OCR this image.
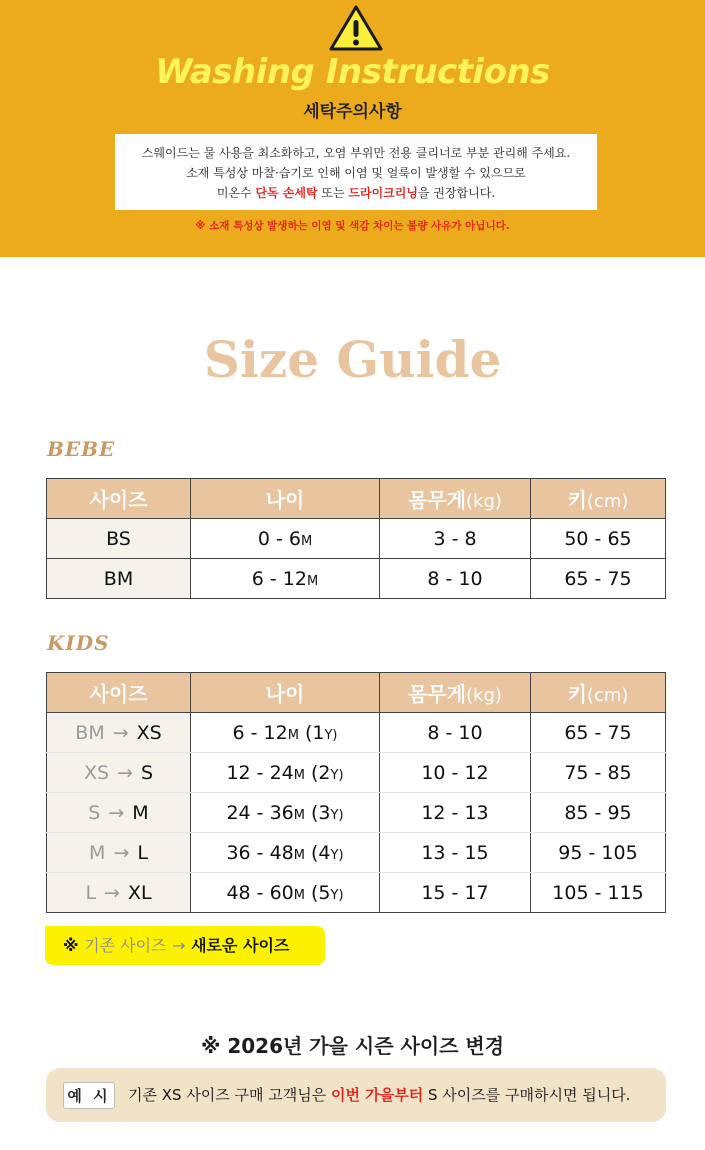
Washing Instructions
세탁주의사항
스웨이드는 물 사용을 최소화하고, 오염 부위만 전용 클리너로 부분 관리해 주세요.
소재 특성상 마찰·습기로 인해 이염 및 얼룩이 발생할 수 있으므로
미온수 단독 손세탁 또는 드라이크리닝을 권장합니다.
※ 소재 특성상 발생하는 이염 및 색감 차이는 불량 사유가 아닙니다.
Size Guide
BEBE
사이즈	나이	몸무게(kg)	키(cm)
BS	0 - 6M	3 - 8	50 - 65
BM	6 - 12M	8 - 10	65 - 75
KIDS
사이즈	나이	몸무게(kg)	키(cm)
BM → XS	6 - 12M (1Y)	8 - 10	65 - 75
XS → S	12 - 24M (2Y)	10 - 12	75 - 85
S → M	24 - 36M (3Y)	12 - 13	85 - 95
M → L	36 - 48M (4Y)	13 - 15	95 - 105
L → XL	48 - 60M (5Y)	15 - 17	105 - 115
※ 기존 사이즈 → 새로운 사이즈
※ 2026년 가을 시즌 사이즈 변경
예 시 기존 XS 사이즈 구매 고객님은 이번 가을부터 S 사이즈를 구매하시면 됩니다.
